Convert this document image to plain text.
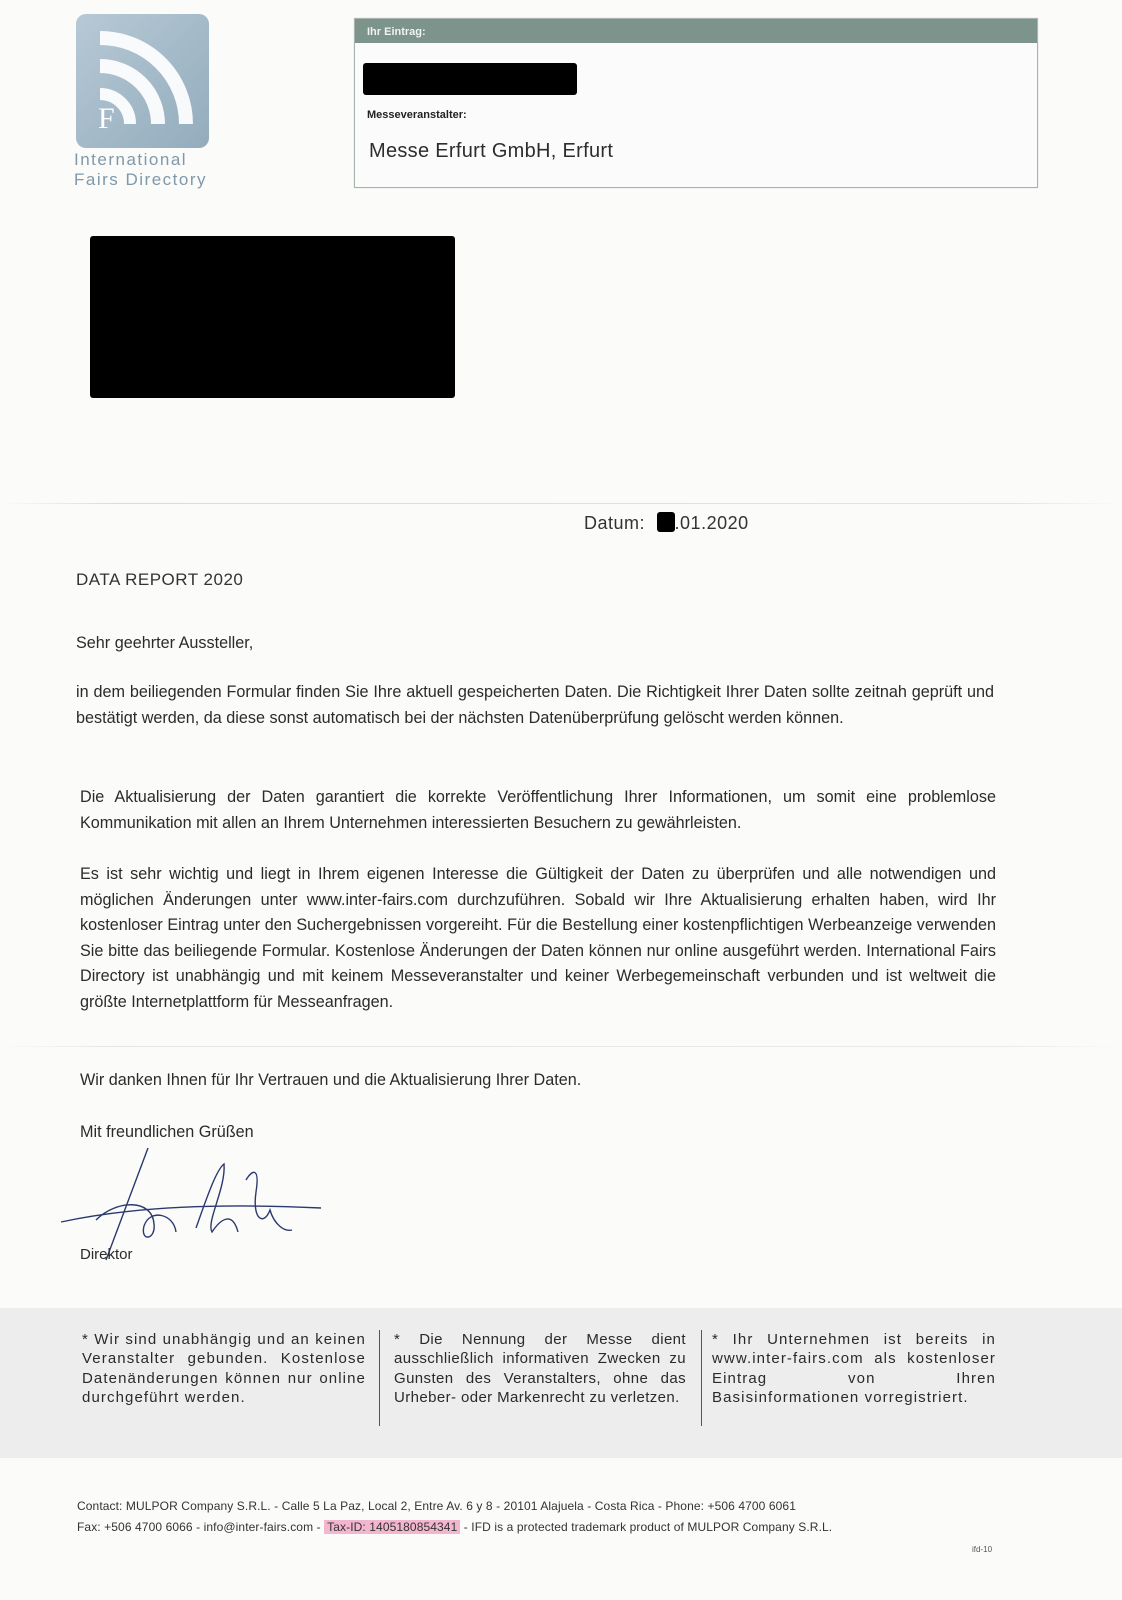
F
International
Fairs Directory
Ihr Eintrag:
Messeveranstalter:
Messe Erfurt GmbH, Erfurt
Datum: .01.2020
DATA REPORT 2020
Sehr geehrter Aussteller,
in dem beiliegenden Formular finden Sie Ihre aktuell gespeicherten Daten. Die Richtigkeit Ihrer Daten sollte zeitnah geprüft und bestätigt werden, da diese sonst automatisch bei der nächsten Datenüberprüfung gelöscht werden können.
Die Aktualisierung der Daten garantiert die korrekte Veröffentlichung Ihrer Informationen, um somit eine problemlose Kommunikation mit allen an Ihrem Unternehmen interessierten Besuchern zu gewährleisten.
Es ist sehr wichtig und liegt in Ihrem eigenen Interesse die Gültigkeit der Daten zu überprüfen und alle notwendigen und möglichen Änderungen unter www.inter-fairs.com durchzuführen. Sobald wir Ihre Aktualisierung erhalten haben, wird Ihr kostenloser Eintrag unter den Suchergebnissen vorgereiht. Für die Bestellung einer kostenpflichtigen Werbeanzeige verwenden Sie bitte das beiliegende Formular. Kostenlose Änderungen der Daten können nur online ausgeführt werden. International Fairs Directory ist unabhängig und mit keinem Messeveranstalter und keiner Werbegemeinschaft verbunden und ist weltweit die größte Internetplattform für Messeanfragen.
Wir danken Ihnen für Ihr Vertrauen und die Aktualisierung Ihrer Daten.
Mit freundlichen Grüßen
Direktor
* Wir sind unabhängig und an keinen Veranstalter gebunden. Kostenlose Datenänderungen können nur online durchgeführt werden.
* Die Nennung der Messe dient ausschließlich informativen Zwecken zu Gunsten des Veranstalters, ohne das Urheber- oder Markenrecht zu verletzen.
* Ihr Unternehmen ist bereits in www.inter-fairs.com als kostenloser Eintrag von Ihren Basisinformationen vorregistriert.
Contact: MULPOR Company S.R.L. - Calle 5 La Paz, Local 2, Entre Av. 6 y 8 - 20101 Alajuela - Costa Rica - Phone: +506 4700 6061
Fax: +506 4700 6066 - info@inter-fairs.com - Tax-ID: 1405180854341 - IFD is a protected trademark product of MULPOR Company S.R.L.
ifd-10
